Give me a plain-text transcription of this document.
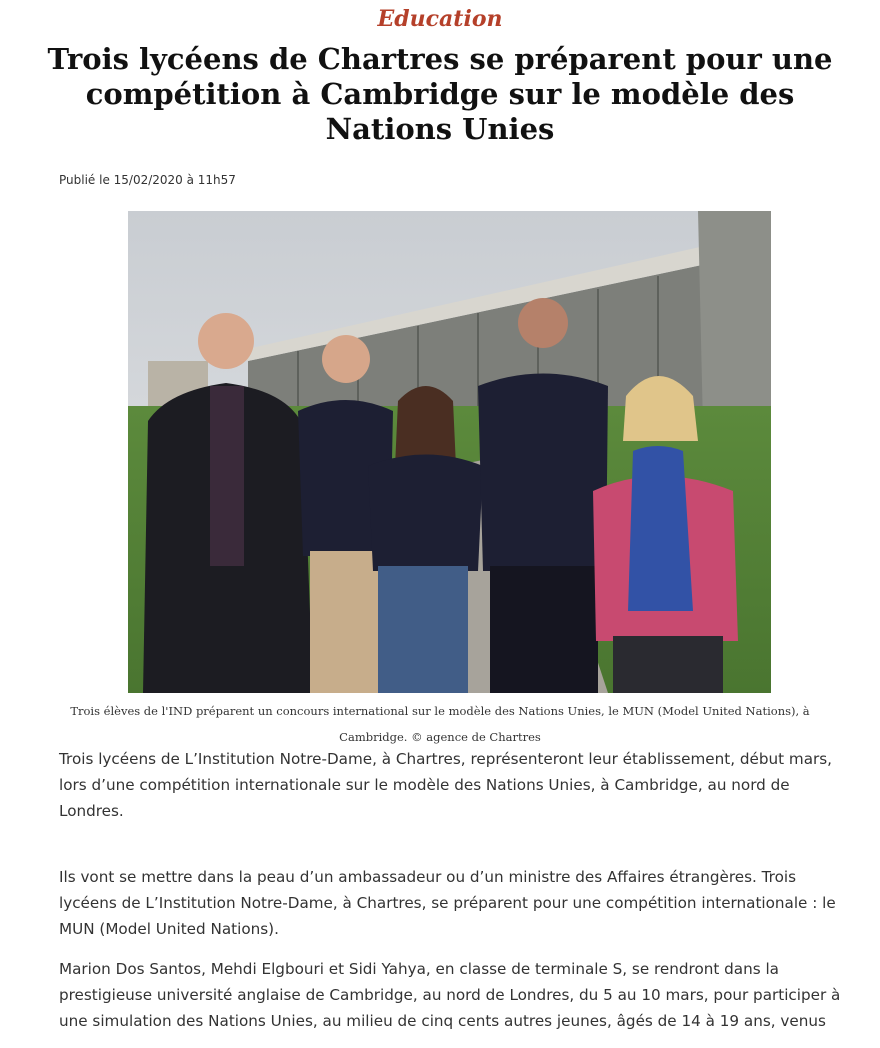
Education
Trois lycéens de Chartres se préparent pour une compétition à Cambridge sur le modèle des Nations Unies
Publié le 15/02/2020 à 11h57

Trois élèves de l'IND préparent un concours international sur le modèle des Nations Unies, le MUN (Model United Nations), à Cambridge. © agence de Chartres

Trois lycéens de L’Institution Notre-Dame, à Chartres, représenteront leur établissement, début mars, lors d’une compétition internationale sur le modèle des Nations Unies, à Cambridge, au nord de Londres.

Ils vont se mettre dans la peau d’un ambassadeur ou d’un ministre des Affaires étrangères. Trois lycéens de L’Institution Notre-Dame, à Chartres, se préparent pour une compétition internationale : le MUN (Model United Nations).

Marion Dos Santos, Mehdi Elgbouri et Sidi Yahya, en classe de terminale S, se rendront dans la prestigieuse université anglaise de Cambridge, au nord de Londres, du 5 au 10 mars, pour participer à une simulation des Nations Unies, au milieu de cinq cents autres jeunes, âgés de 14 à 19 ans, venus
